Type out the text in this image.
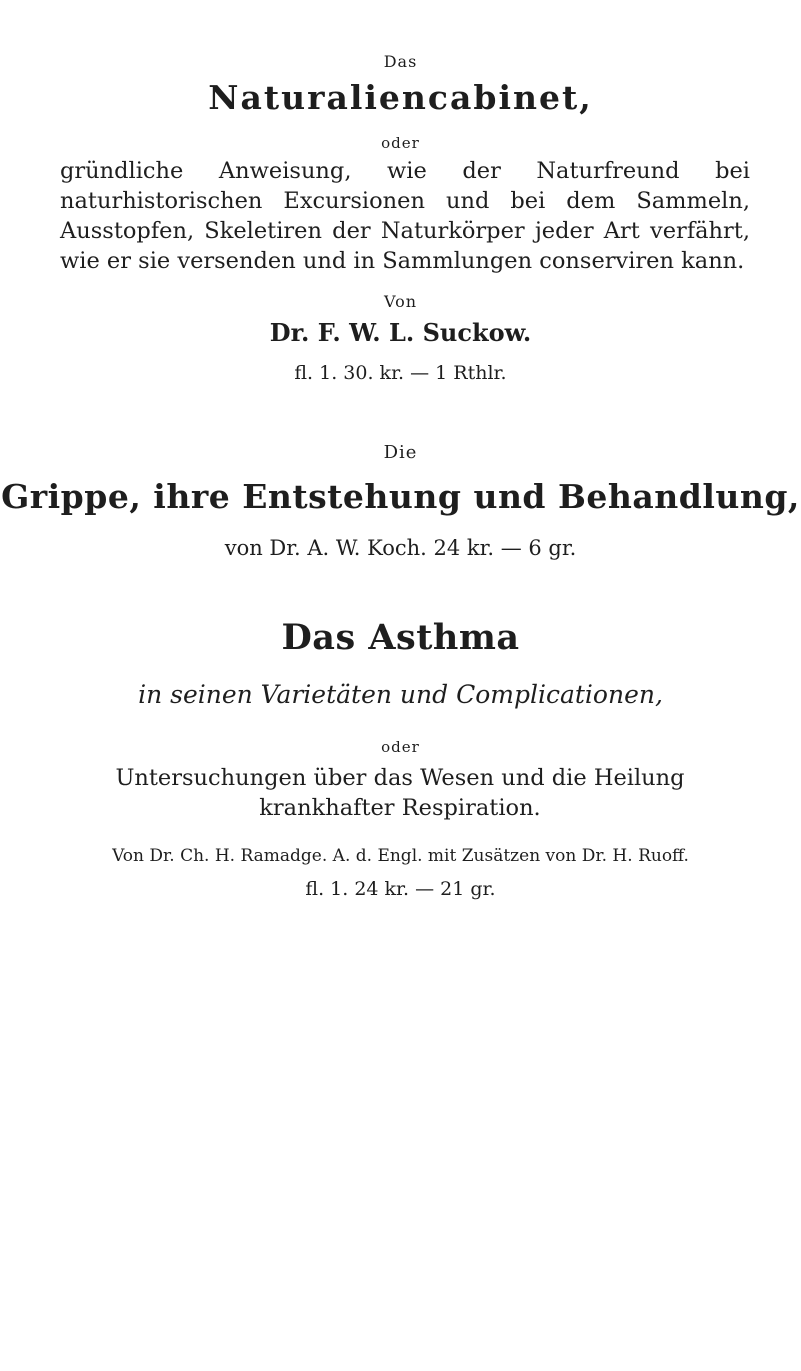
Das
Naturaliencabinet,
oder
gründliche Anweisung, wie der Naturfreund bei naturhistorischen Excursionen und bei dem Sammeln, Ausstopfen, Skeletiren der Naturkörper jeder Art verfährt, wie er sie versenden und in Sammlungen conserviren kann.
Von
Dr. F. W. L. Suckow.
fl. 1. 30. kr. — 1 Rthlr.
Die
Grippe, ihre Entstehung und Behandlung,
von Dr. A. W. Koch. 24 kr. — 6 gr.
Das Asthma
in seinen Varietäten und Complicationen,
oder
Untersuchungen über das Wesen und die Heilung krankhafter Respiration.
Von Dr. Ch. H. Ramadge. A. d. Engl. mit Zusätzen von Dr. H. Ruoff.
fl. 1. 24 kr. — 21 gr.
